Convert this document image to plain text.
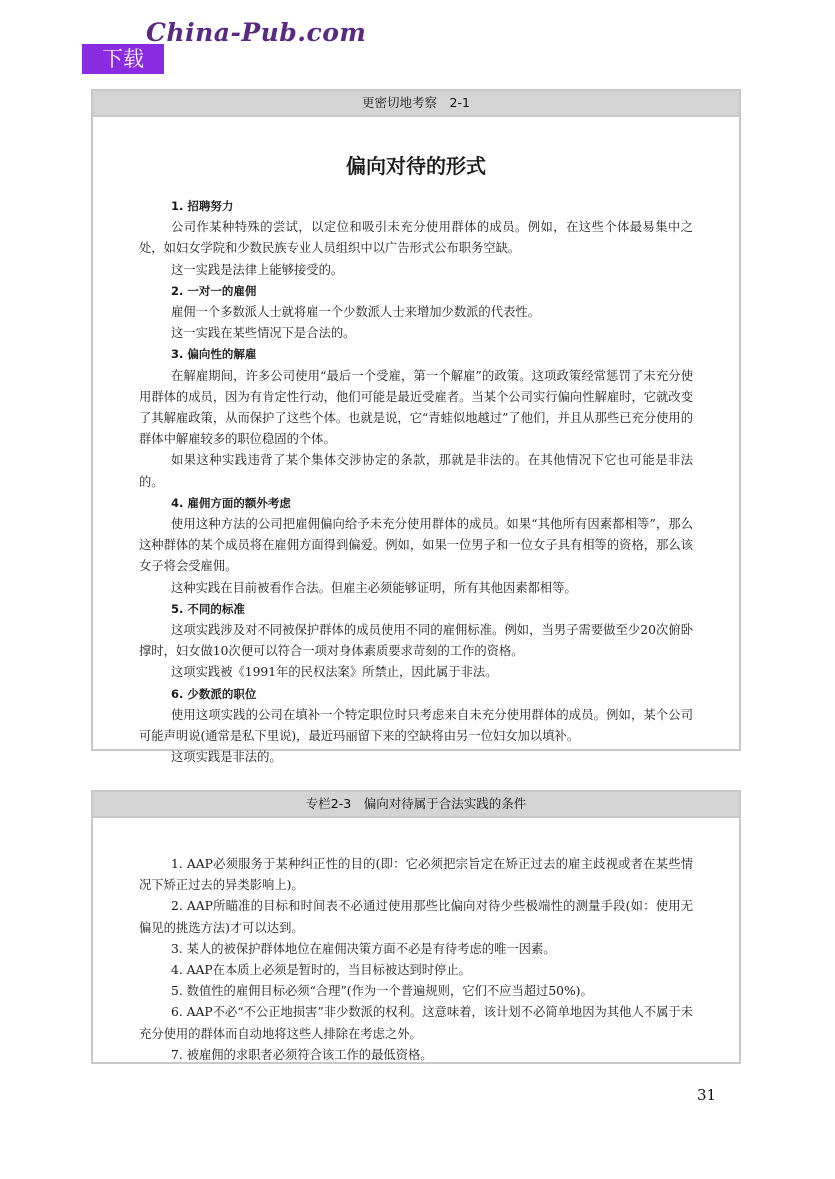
下载
China-Pub.com
更密切地考察　2-1
偏向对待的形式

1. 招聘努力

公司作某种特殊的尝试，以定位和吸引未充分使用群体的成员。例如，在这些个体最易集中之处，如妇女学院和少数民族专业人员组织中以广告形式公布职务空缺。

这一实践是法律上能够接受的。

2. 一对一的雇佣

雇佣一个多数派人士就将雇一个少数派人士来增加少数派的代表性。

这一实践在某些情况下是合法的。

3. 偏向性的解雇

在解雇期间，许多公司使用“最后一个受雇，第一个解雇”的政策。这项政策经常惩罚了未充分使用群体的成员，因为有肯定性行动，他们可能是最近受雇者。当某个公司实行偏向性解雇时，它就改变了其解雇政策，从而保护了这些个体。也就是说，它“青蛙似地越过”了他们，并且从那些已充分使用的群体中解雇较多的职位稳固的个体。

如果这种实践违背了某个集体交涉协定的条款，那就是非法的。在其他情况下它也可能是非法的。

4. 雇佣方面的额外考虑

使用这种方法的公司把雇佣偏向给予未充分使用群体的成员。如果“其他所有因素都相等”，那么这种群体的某个成员将在雇佣方面得到偏爱。例如，如果一位男子和一位女子具有相等的资格，那么该女子将会受雇佣。

这种实践在目前被看作合法。但雇主必须能够证明，所有其他因素都相等。

5. 不同的标准

这项实践涉及对不同被保护群体的成员使用不同的雇佣标准。例如，当男子需要做至少20次俯卧撑时，妇女做10次便可以符合一项对身体素质要求苛刻的工作的资格。

这项实践被《1991年的民权法案》所禁止，因此属于非法。

6. 少数派的职位

使用这项实践的公司在填补一个特定职位时只考虑来自未充分使用群体的成员。例如，某个公司可能声明说(通常是私下里说)，最近玛丽留下来的空缺将由另一位妇女加以填补。

这项实践是非法的。

专栏2-3　偏向对待属于合法实践的条件

1. AAP必须服务于某种纠正性的目的(即：它必须把宗旨定在矫正过去的雇主歧视或者在某些情况下矫正过去的异类影响上)。

2. AAP所瞄准的目标和时间表不必通过使用那些比偏向对待少些极端性的测量手段(如：使用无偏见的挑选方法)才可以达到。

3. 某人的被保护群体地位在雇佣决策方面不必是有待考虑的唯一因素。

4. AAP在本质上必须是暂时的，当目标被达到时停止。

5. 数值性的雇佣目标必须“合理”(作为一个普遍规则，它们不应当超过50%)。

6. AAP不必“不公正地损害”非少数派的权利。这意味着，该计划不必简单地因为其他人不属于未充分使用的群体而自动地将这些人排除在考虑之外。

7. 被雇佣的求职者必须符合该工作的最低资格。

31
